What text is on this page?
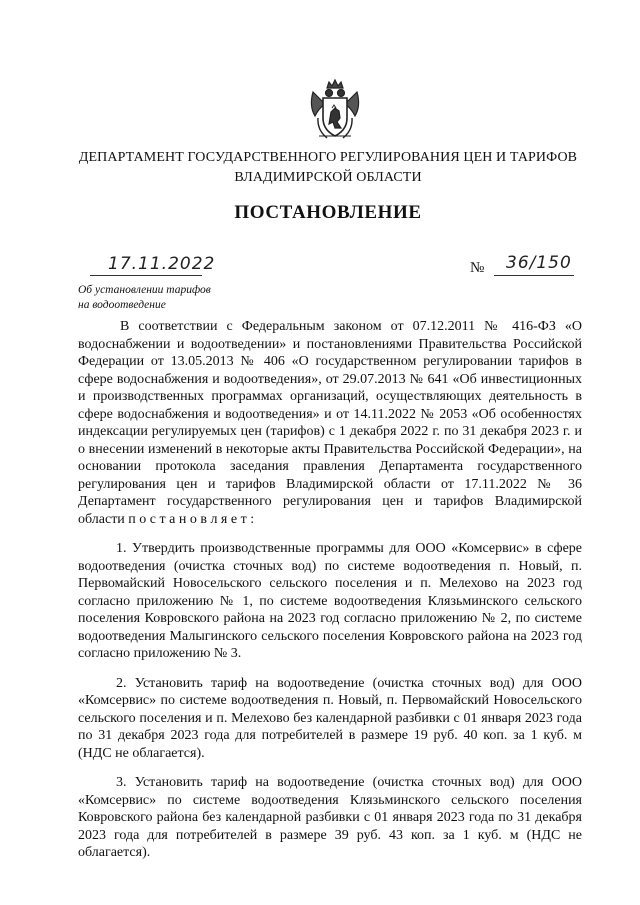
ДЕПАРТАМЕНТ ГОСУДАРСТВЕННОГО РЕГУЛИРОВАНИЯ ЦЕН И ТАРИФОВ
ВЛАДИМИРСКОЙ ОБЛАСТИ
ПОСТАНОВЛЕНИЕ
17.11.2022	№ 36/150
Об установлении тарифов
на водоотведение

В соответствии с Федеральным законом от 07.12.2011 № 416-ФЗ «О водоснабжении и водоотведении» и постановлениями Правительства Российской Федерации от 13.05.2013 № 406 «О государственном регулировании тарифов в сфере водоснабжения и водоотведения», от 29.07.2013 № 641 «Об инвестиционных и производственных программах организаций, осуществляющих деятельность в сфере водоснабжения и водоотведения» и от 14.11.2022 № 2053 «Об особенностях индексации регулируемых цен (тарифов) с 1 декабря 2022 г. по 31 декабря 2023 г. и о внесении изменений в некоторые акты Правительства Российской Федерации», на основании протокола заседания правления Департамента государственного регулирования цен и тарифов Владимирской области от 17.11.2022 № 36 Департамент государственного регулирования цен и тарифов Владимирской области п о с т а н о в л я е т :

1. Утвердить производственные программы для ООО «Комсервис» в сфере водоотведения (очистка сточных вод) по системе водоотведения п. Новый, п. Первомайский Новосельского сельского поселения и п. Мелехово на 2023 год согласно приложению № 1, по системе водоотведения Клязьминского сельского поселения Ковровского района на 2023 год согласно приложению № 2, по системе водоотведения Малыгинского сельского поселения Ковровского района на 2023 год согласно приложению № 3.

2. Установить тариф на водоотведение (очистка сточных вод) для ООО «Комсервис» по системе водоотведения п. Новый, п. Первомайский Новосельского сельского поселения и п. Мелехово без календарной разбивки с 01 января 2023 года по 31 декабря 2023 года для потребителей в размере 19 руб. 40 коп. за 1 куб. м (НДС не облагается).

3. Установить тариф на водоотведение (очистка сточных вод) для ООО «Комсервис» по системе водоотведения Клязьминского сельского поселения Ковровского района без календарной разбивки с 01 января 2023 года по 31 декабря 2023 года для потребителей в размере 39 руб. 43 коп. за 1 куб. м (НДС не облагается).
